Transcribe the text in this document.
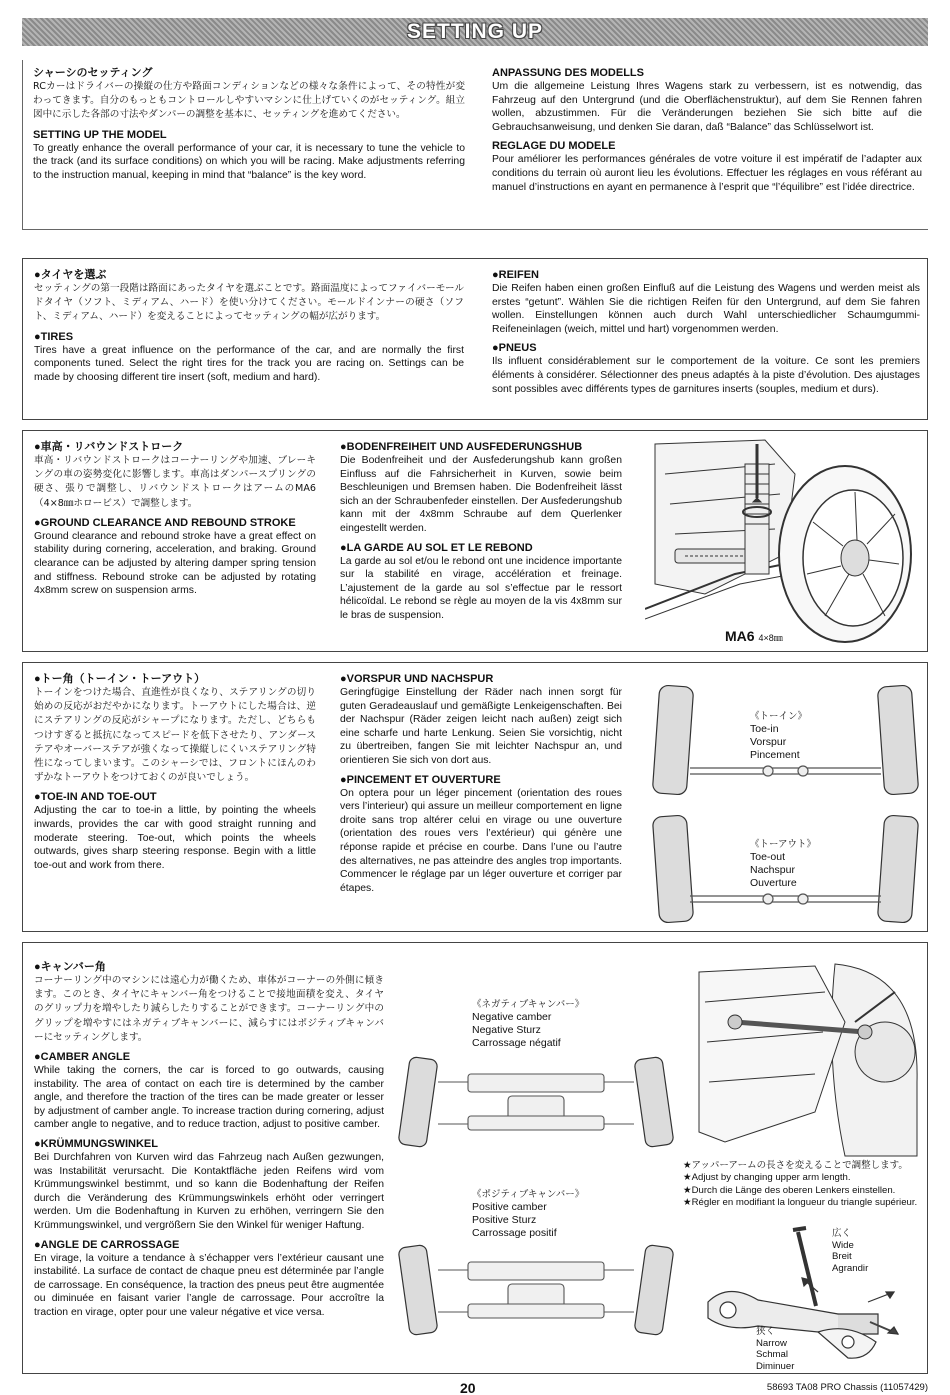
SETTING UP
シャーシのセッティング
RCカーはドライバーの操縦の仕方や路面コンディションなどの様々な条件によって、その特性が変わってきます。自分のもっともコントロールしやすいマシンに仕上げていくのがセッティング。組立図中に示した各部の寸法やダンパーの調整を基本に、セッティングを進めてください。
SETTING UP THE MODEL
To greatly enhance the overall performance of your car, it is necessary to tune the vehicle to the track (and its surface conditions) on which you will be racing. Make adjustments referring to the instruction manual, keeping in mind that “balance” is the key word.
ANPASSUNG DES MODELLS
Um die allgemeine Leistung Ihres Wagens stark zu verbessern, ist es notwendig, das Fahrzeug auf den Untergrund (und die Oberflächenstruktur), auf dem Sie Rennen fahren wollen, abzustimmen. Für die Veränderungen beziehen Sie sich bitte auf die Gebrauchsanweisung, und denken Sie daran, daß “Balance” das Schlüsselwort ist.
REGLAGE DU MODELE
Pour améliorer les performances générales de votre voiture il est impératif de l’adapter aux conditions du terrain où auront lieu les évolutions. Effectuer les réglages en vous référant au manuel d’instructions en ayant en permanence à l’esprit que “l’équilibre” est l’idée directrice.
●タイヤを選ぶ
セッティングの第一段階は路面にあったタイヤを選ぶことです。路面温度によってファイバーモールドタイヤ（ソフト、ミディアム、ハード）を使い分けてください。モールドインナーの硬さ（ソフト、ミディアム、ハード）を変えることによってセッティングの幅が広がります。
●TIRES
Tires have a great influence on the performance of the car, and are normally the first components tuned. Select the right tires for the track you are racing on. Settings can be made by choosing different tire insert (soft, medium and hard).
●REIFEN
Die Reifen haben einen großen Einfluß auf die Leistung des Wagens und werden meist als erstes “getunt”. Wählen Sie die richtigen Reifen für den Untergrund, auf dem Sie fahren wollen. Einstellungen können auch durch Wahl unterschiedlicher Schaumgummi-Reifeneinlagen (weich, mittel und hart) vorgenommen werden.
●PNEUS
Ils influent considérablement sur le comportement de la voiture. Ce sont les premiers éléments à considérer. Sélectionner des pneus adaptés à la piste d’évolution. Des ajustages sont possibles avec différents types de garnitures inserts (souples, medium et durs).
●車高・リバウンドストローク
車高・リバウンドストロークはコーナーリングや加速、ブレーキングの車の姿勢変化に影響します。車高はダンパースプリングの硬さ、張りで調整し、リバウンドストロークはアームのMA6（4×8㎜ホロービス）で調整します。
●GROUND CLEARANCE AND REBOUND STROKE
Ground clearance and rebound stroke have a great effect on stability during cornering, acceleration, and braking. Ground clearance can be adjusted by altering damper spring tension and stiffness. Rebound stroke can be adjusted by rotating 4x8mm screw on suspension arms.
●BODENFREIHEIT UND AUSFEDERUNGSHUB
Die Bodenfreiheit und der Ausfederungshub kann großen Einfluss auf die Fahrsicherheit in Kurven, sowie beim Beschleunigen und Bremsen haben. Die Bodenfreiheit lässt sich an der Schraubenfeder einstellen. Der Ausfederungshub kann mit der 4x8mm Schraube auf dem Querlenker eingestellt werden.
●LA GARDE AU SOL ET LE REBOND
La garde au sol et/ou le rebond ont une incidence importante sur la stabilité en virage, accélération et freinage. L’ajustement de la garde au sol s’effectue par le ressort hélicoïdal. Le rebond se règle au moyen de la vis 4x8mm sur le bras de suspension.
MA6 4×8㎜
●トー角（トーイン・トーアウト）
トーインをつけた場合、直進性が良くなり、ステアリングの切り始めの反応がおだやかになります。トーアウトにした場合は、逆にステアリングの反応がシャープになります。ただし、どちらもつけすぎると抵抗になってスピードを低下させたり、アンダーステアやオーバーステアが強くなって操縦しにくいステアリング特性になってしまいます。このシャーシでは、フロントにほんのわずかなトーアウトをつけておくのが良いでしょう。
●TOE-IN AND TOE-OUT
Adjusting the car to toe-in a little, by pointing the wheels inwards, provides the car with good straight running and moderate steering. Toe-out, which points the wheels outwards, gives sharp steering response. Begin with a little toe-out and work from there.
●VORSPUR UND NACHSPUR
Geringfügige Einstellung der Räder nach innen sorgt für guten Geradeauslauf und gemäßigte Lenkeigenschaften. Bei der Nachspur (Räder zeigen leicht nach außen) zeigt sich eine scharfe und harte Lenkung. Seien Sie vorsichtig, nicht zu übertreiben, fangen Sie mit leichter Nachspur an, und orientieren Sie sich von dort aus.
●PINCEMENT ET OUVERTURE
On optera pour un léger pincement (orientation des roues vers l’interieur) qui assure un meilleur comportement en ligne droite sans trop altérer celui en virage ou une ouverture (orientation des roues vers l’extérieur) qui génère une réponse rapide et précise en courbe. Dans l’une ou l’autre des alternatives, ne pas atteindre des angles trop importants. Commencer le réglage par un léger ouverture et corriger par étapes.
《トーイン》
Toe-in
Vorspur
Pincement
《トーアウト》
Toe-out
Nachspur
Ouverture
●キャンバー角
コーナーリング中のマシンには遠心力が働くため、車体がコーナーの外側に傾きます。このとき、タイヤにキャンバー角をつけることで接地面積を変え、タイヤのグリップ力を増やしたり減らしたりすることができます。コーナーリング中のグリップを増やすにはネガティブキャンバーに、減らすにはポジティブキャンバーにセッティングします。
●CAMBER ANGLE
While taking the corners, the car is forced to go outwards, causing instability. The area of contact on each tire is determined by the camber angle, and therefore the traction of the tires can be made greater or lesser by adjustment of camber angle. To increase traction during cornering, adjust camber angle to negative, and to reduce traction, adjust to positive camber.
●KRÜMMUNGSWINKEL
Bei Durchfahren von Kurven wird das Fahrzeug nach Außen gezwungen, was Instabilität verursacht. Die Kontaktfläche jeden Reifens wird vom Krümmungswinkel bestimmt, und so kann die Bodenhaftung der Reifen durch die Veränderung des Krümmungswinkels erhöht oder verringert werden. Um die Bodenhaftung in Kurven zu erhöhen, verringern Sie den Krümmungswinkel, und vergrößern Sie den Winkel für weniger Haftung.
●ANGLE DE CARROSSAGE
En virage, la voiture a tendance à s’échapper vers l’extérieur causant une instabilité. La surface de contact de chaque pneu est déterminée par l’angle de carrossage. En conséquence, la traction des pneus peut être augmentée ou diminuée en faisant varier l’angle de carrossage. Pour accroître la traction en virage, opter pour une valeur négative et vice versa.
《ネガティブキャンバー》
Negative camber
Negative Sturz
Carrossage négatif
《ポジティブキャンバー》
Positive camber
Positive Sturz
Carrossage positif
★アッパーアームの長さを変えることで調整します。
★Adjust by changing upper arm length.
★Durch die Länge des oberen Lenkers einstellen.
★Régler en modifiant la longueur du triangle supérieur.
広く
Wide
Breit
Agrandir
狭く
Narrow
Schmal
Diminuer
20	58693 TA08 PRO Chassis (11057429)
